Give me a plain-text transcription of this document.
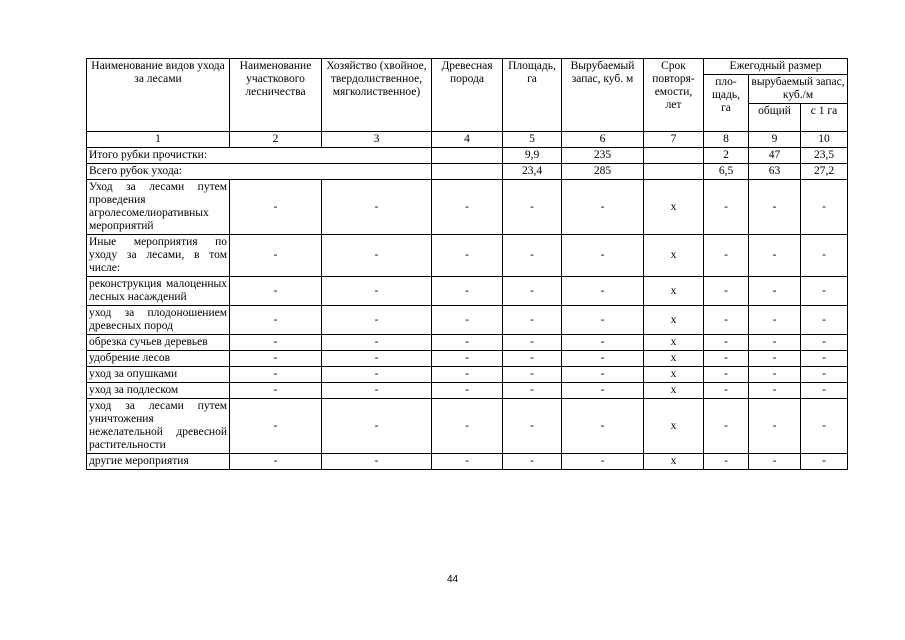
Наименование видов ухода за лесами	Наименование участкового лесничества	Хозяйство (хвойное, твердолиственное, мягколиственное)	Древесная порода	Площадь, га	Вырубаемый запас, куб. м	Срок повторя-емости, лет	Ежегодный размер		
							пло-щадь, га	вырубаемый запас, куб./м	
								общий	с 1 га
1	2	3	4	5	6	7	8	9	10
Итого рубки прочистки:				9,9	235		2	47	23,5
Всего рубок ухода:				23,4	285		6,5	63	27,2
Уход за лесами путем проведения агролесомелиоративных мероприятий	-	-	-	-	-	х	-	-	-
Иные мероприятия по уходу за лесами, в том числе:	-	-	-	-	-	х	-	-	-
реконструкция малоценных лесных насаждений	-	-	-	-	-	х	-	-	-
уход за плодоношением древесных пород	-	-	-	-	-	х	-	-	-
обрезка сучьев деревьев	-	-	-	-	-	х	-	-	-
удобрение лесов	-	-	-	-	-	х	-	-	-
уход за опушками	-	-	-	-	-	х	-	-	-
уход за подлеском	-	-	-	-	-	х	-	-	-
уход за лесами путем уничтожения нежелательной древесной растительности	-	-	-	-	-	х	-	-	-
другие мероприятия	-	-	-	-	-	х	-	-	-
44
